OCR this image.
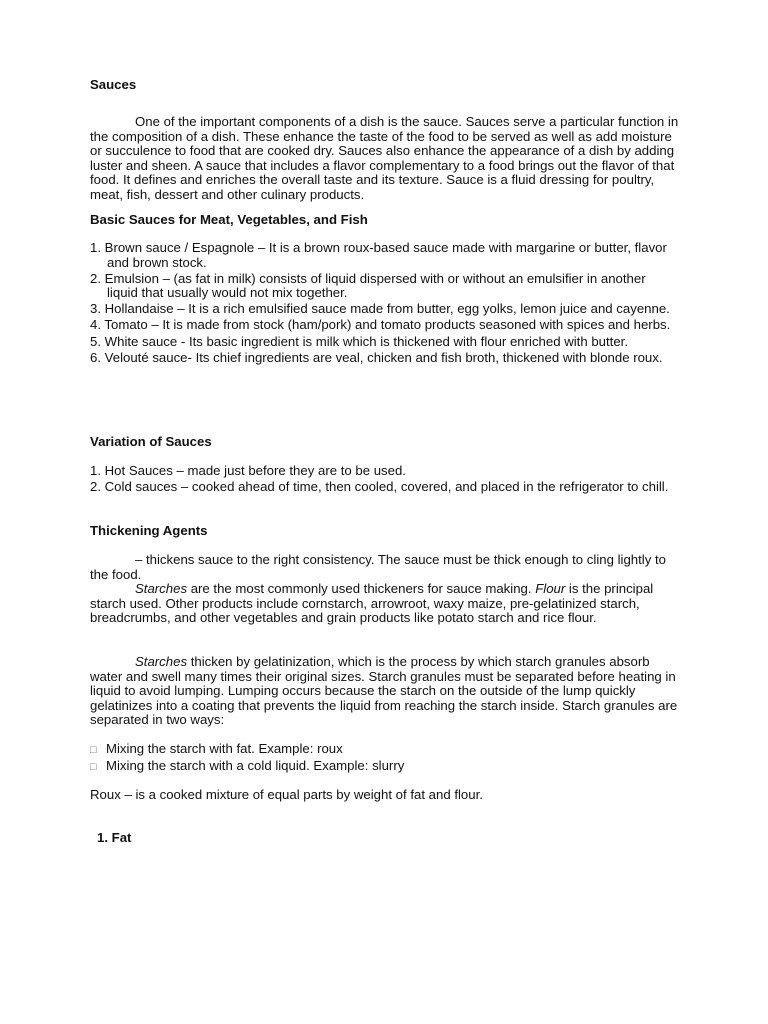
Sauces

One of the important components of a dish is the sauce. Sauces serve a particular function in the composition of a dish. These enhance the taste of the food to be served as well as add moisture or succulence to food that are cooked dry. Sauces also enhance the appearance of a dish by adding luster and sheen. A sauce that includes a flavor complementary to a food brings out the flavor of that food. It defines and enriches the overall taste and its texture. Sauce is a fluid dressing for poultry, meat, fish, dessert and other culinary products.

Basic Sauces for Meat, Vegetables, and Fish
1. Brown sauce / Espagnole – It is a brown roux-based sauce made with margarine or butter, flavor and brown stock.
2. Emulsion – (as fat in milk) consists of liquid dispersed with or without an emulsifier in another liquid that usually would not mix together.
3. Hollandaise – It is a rich emulsified sauce made from butter, egg yolks, lemon juice and cayenne.
4. Tomato – It is made from stock (ham/pork) and tomato products seasoned with spices and herbs.
5. White sauce - Its basic ingredient is milk which is thickened with flour enriched with butter.
6. Velouté sauce- Its chief ingredients are veal, chicken and fish broth, thickened with blonde roux.
Variation of Sauces
1. Hot Sauces – made just before they are to be used.
2. Cold sauces – cooked ahead of time, then cooled, covered, and placed in the refrigerator to chill.
Thickening Agents

– thickens sauce to the right consistency. The sauce must be thick enough to cling lightly to the food.
Starches are the most commonly used thickeners for sauce making. Flour is the principal starch used. Other products include cornstarch, arrowroot, waxy maize, pre-gelatinized starch, breadcrumbs, and other vegetables and grain products like potato starch and rice flour.

Starches thicken by gelatinization, which is the process by which starch granules absorb water and swell many times their original sizes. Starch granules must be separated before heating in liquid to avoid lumping. Lumping occurs because the starch on the outside of the lump quickly gelatinizes into a coating that prevents the liquid from reaching the starch inside. Starch granules are separated in two ways:

□ Mixing the starch with fat. Example: roux
□ Mixing the starch with a cold liquid. Example: slurry

Roux – is a cooked mixture of equal parts by weight of fat and flour.

1. Fat
